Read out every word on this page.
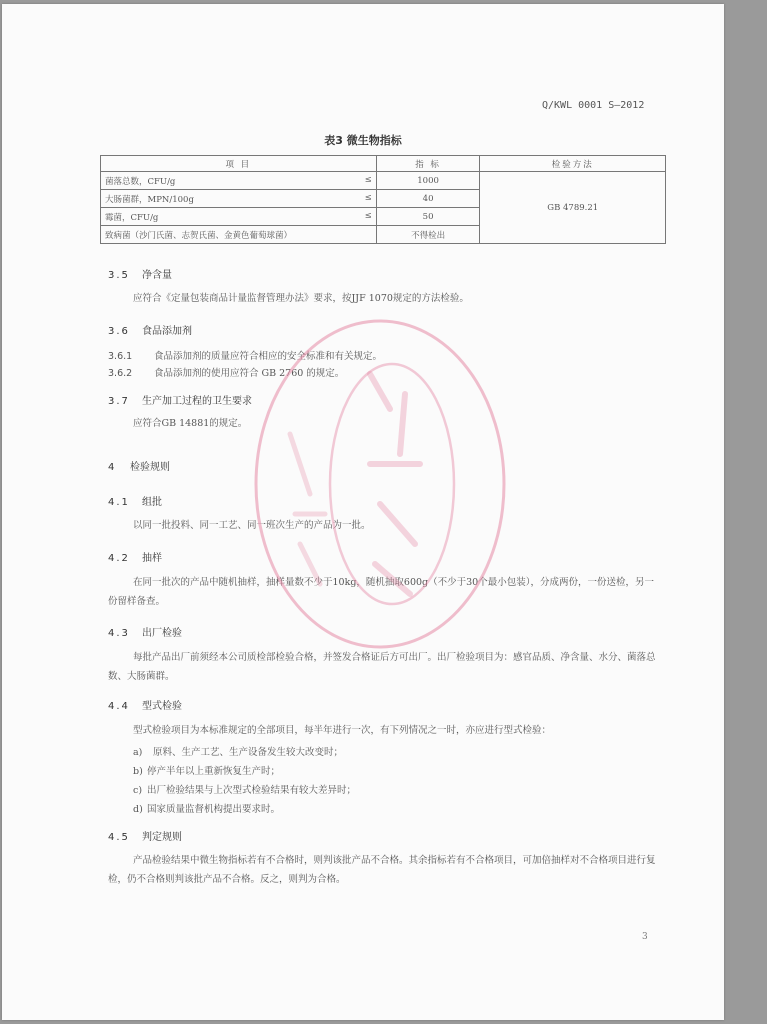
Q/KWL 0001 S—2012
表3 微生物指标
项 目	指 标	检验方法
菌落总数，CFU/g ≤	1000	GB 4789.21
大肠菌群，MPN/100g ≤	40	
霉菌，CFU/g ≤	50	
致病菌（沙门氏菌、志贺氏菌、金黄色葡萄球菌）	不得检出	
3.5 净含量
应符合《定量包装商品计量监督管理办法》要求，按JJF 1070规定的方法检验。
3.6 食品添加剂
3.6.1 食品添加剂的质量应符合相应的安全标准和有关规定。
3.6.2 食品添加剂的使用应符合 GB 2760 的规定。
3.7 生产加工过程的卫生要求
应符合GB 14881的规定。
4 检验规则
4.1 组批
以同一批投料、同一工艺、同一班次生产的产品为一批。
4.2 抽样
在同一批次的产品中随机抽样，抽样量数不少于10kg，随机抽取600g（不少于30个最小包装），分成两份，一份送检，另一份留样备查。
4.3 出厂检验
每批产品出厂前须经本公司质检部检验合格，并签发合格证后方可出厂。出厂检验项目为：感官品质、净含量、水分、菌落总数、大肠菌群。
4.4 型式检验
型式检验项目为本标准规定的全部项目，每半年进行一次，有下列情况之一时，亦应进行型式检验：
a) 原料、生产工艺、生产设备发生较大改变时；
b) 停产半年以上重新恢复生产时；
c) 出厂检验结果与上次型式检验结果有较大差异时；
d) 国家质量监督机构提出要求时。
4.5 判定规则
产品检验结果中微生物指标若有不合格时，则判该批产品不合格。其余指标若有不合格项目，可加倍抽样对不合格项目进行复检，仍不合格则判该批产品不合格。反之，则判为合格。
3
